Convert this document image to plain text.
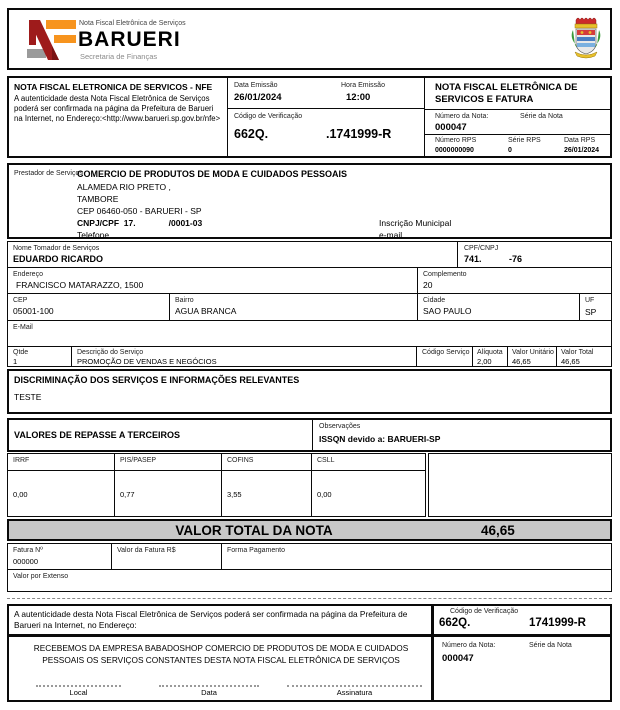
Nota Fiscal Eletrônica de Serviços
BARUERI
Secretaria de Finanças
NOTA FISCAL ELETRONICA DE SERVICOS - NFE
A autenticidade desta Nota Fiscal Eletrônica de Serviços poderá ser confirmada na página da Prefeitura de Barueri na Internet, no Endereço:<http://www.barueri.sp.gov.br/nfe>
Data Emissão
26/01/2024
Hora Emissão
12:00
Código de Verificação
662Q.	.1741999-R
NOTA FISCAL ELETRÔNICA DE SERVICOS E FATURA
Número da Nota:	Série da Nota
000047
Número RPS	Série RPS	Data RPS
0000000090	0	26/01/2024
Prestador de Serviços
COMERCIO DE PRODUTOS DE MODA E CUIDADOS PESSOAIS
ALAMEDA RIO PRETO ,
TAMBORE
CEP 06460-050 - BARUERI - SP
CNPJ/CPF  17.              /0001-03
Telefone
Inscrição Municipal
e-mail
Nome Tomador de Serviços
EDUARDO RICARDO
CPF/CNPJ
741.           -76
Endereço
FRANCISCO MATARAZZO, 1500
Complemento
20
CEP
05001-100
Bairro
AGUA BRANCA
Cidade
SAO PAULO
UF
SP
E-Mail
Qtde
1
Descrição do Serviço
PROMOÇÃO DE VENDAS E NEGÓCIOS
Código Serviço Alíquota
2,00
Valor Unitário
46,65
Valor Total
46,65
DISCRIMINAÇÃO DOS SERVIÇOS E INFORMAÇÕES RELEVANTES
TESTE
VALORES DE REPASSE A TERCEIROS
Observações
ISSQN devido a: BARUERI-SP
IRRF
0,00
PIS/PASEP
0,77
COFINS
3,55
CSLL
0,00
VALOR TOTAL DA NOTA	46,65
Fatura Nº
000000
Valor da Fatura R$	Forma Pagamento
Valor por Extenso
A autenticidade desta Nota Fiscal Eletrônica de Serviços poderá ser confirmada na página da Prefeitura de Barueri na Internet, no Endereço:
RECEBEMOS DA EMPRESA BABADOSHOP COMERCIO DE PRODUTOS DE MODA E CUIDADOS PESSOAIS OS SERVIÇOS CONSTANTES DESTA NOTA FISCAL ELETRÔNICA DE SERVIÇOS
Local	Data	Assinatura
Código de Verificação
662Q.	1741999-R
Número da Nota:	Série da Nota
000047
